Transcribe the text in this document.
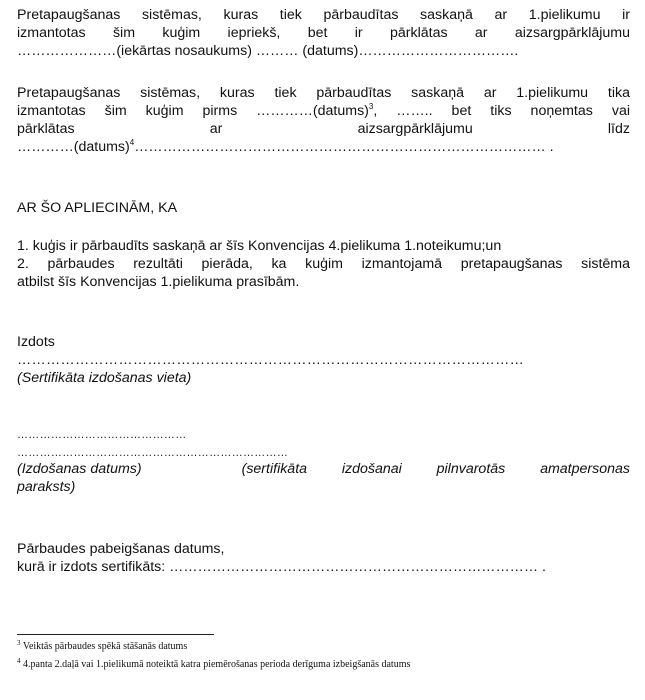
Pretapaugšanas sistēmas, kuras tiek pārbaudītas saskaņā ar 1.pielikumu ir
izmantotas šim kuģim iepriekš, bet ir pārklātas ar aizsargpārklājumu
…………………(iekārtas nosaukums) ……… (datums)…………………………….
Pretapaugšanas sistēmas, kuras tiek pārbaudītas saskaņā ar 1.pielikumu tika
izmantotas šim kuģim pirms …………(datums)$^3$, …….. bet tiks noņemtas vai
pārklātas	ar	aizsargpārklājumu	līdz
…………(datums)$^4$…………………………………………………………………………… .
AR ŠO APLIECINĀM, KA
1. kuģis ir pārbaudīts saskaņā ar šīs Konvencijas 4.pielikuma 1.noteikumu;un
2. pārbaudes rezultāti pierāda, ka kuģim izmantojamā pretapaugšanas sistēma
atbilst šīs Konvencijas 1.pielikuma prasībām.
Izdots
……………………………………………………………………………………………
(Sertifikāta izdošanas vieta)
………………………………………
………………………………………………………………
(Izdošanas datums)	(sertifikāta izdošanai pilnvarotās amatpersonas
paraksts)
Pārbaudes pabeigšanas datums,
kurā ir izdots sertifikāts: …………………………………………………………………… .
$^3$ Veiktās pārbaudes spēkā stāšanās datums
$^4$ 4.panta 2.daļā vai 1.pielikumā noteiktā katra piemērošanas perioda derīguma izbeigšanās datums
